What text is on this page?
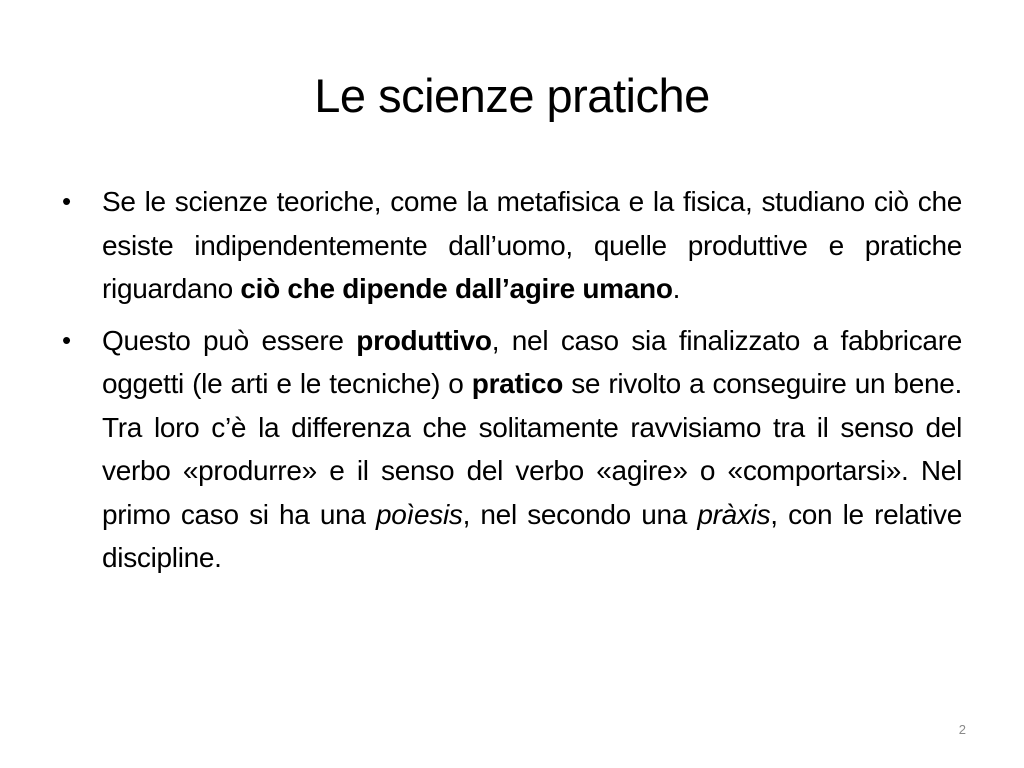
Le scienze pratiche
• Se le scienze teoriche, come la metafisica e la fisica, studiano ciò che esiste indipendentemente dall’uomo, quelle produttive e pratiche riguardano ciò che dipende dall’agire umano.
• Questo può essere produttivo, nel caso sia finalizzato a fabbricare oggetti (le arti e le tecniche) o pratico se rivolto a conseguire un bene. Tra loro c’è la differenza che solitamente ravvisiamo tra il senso del verbo «produrre» e il senso del verbo «agire» o «comportarsi». Nel primo caso si ha una poìesis, nel secondo una pràxis, con le relative discipline.
2
